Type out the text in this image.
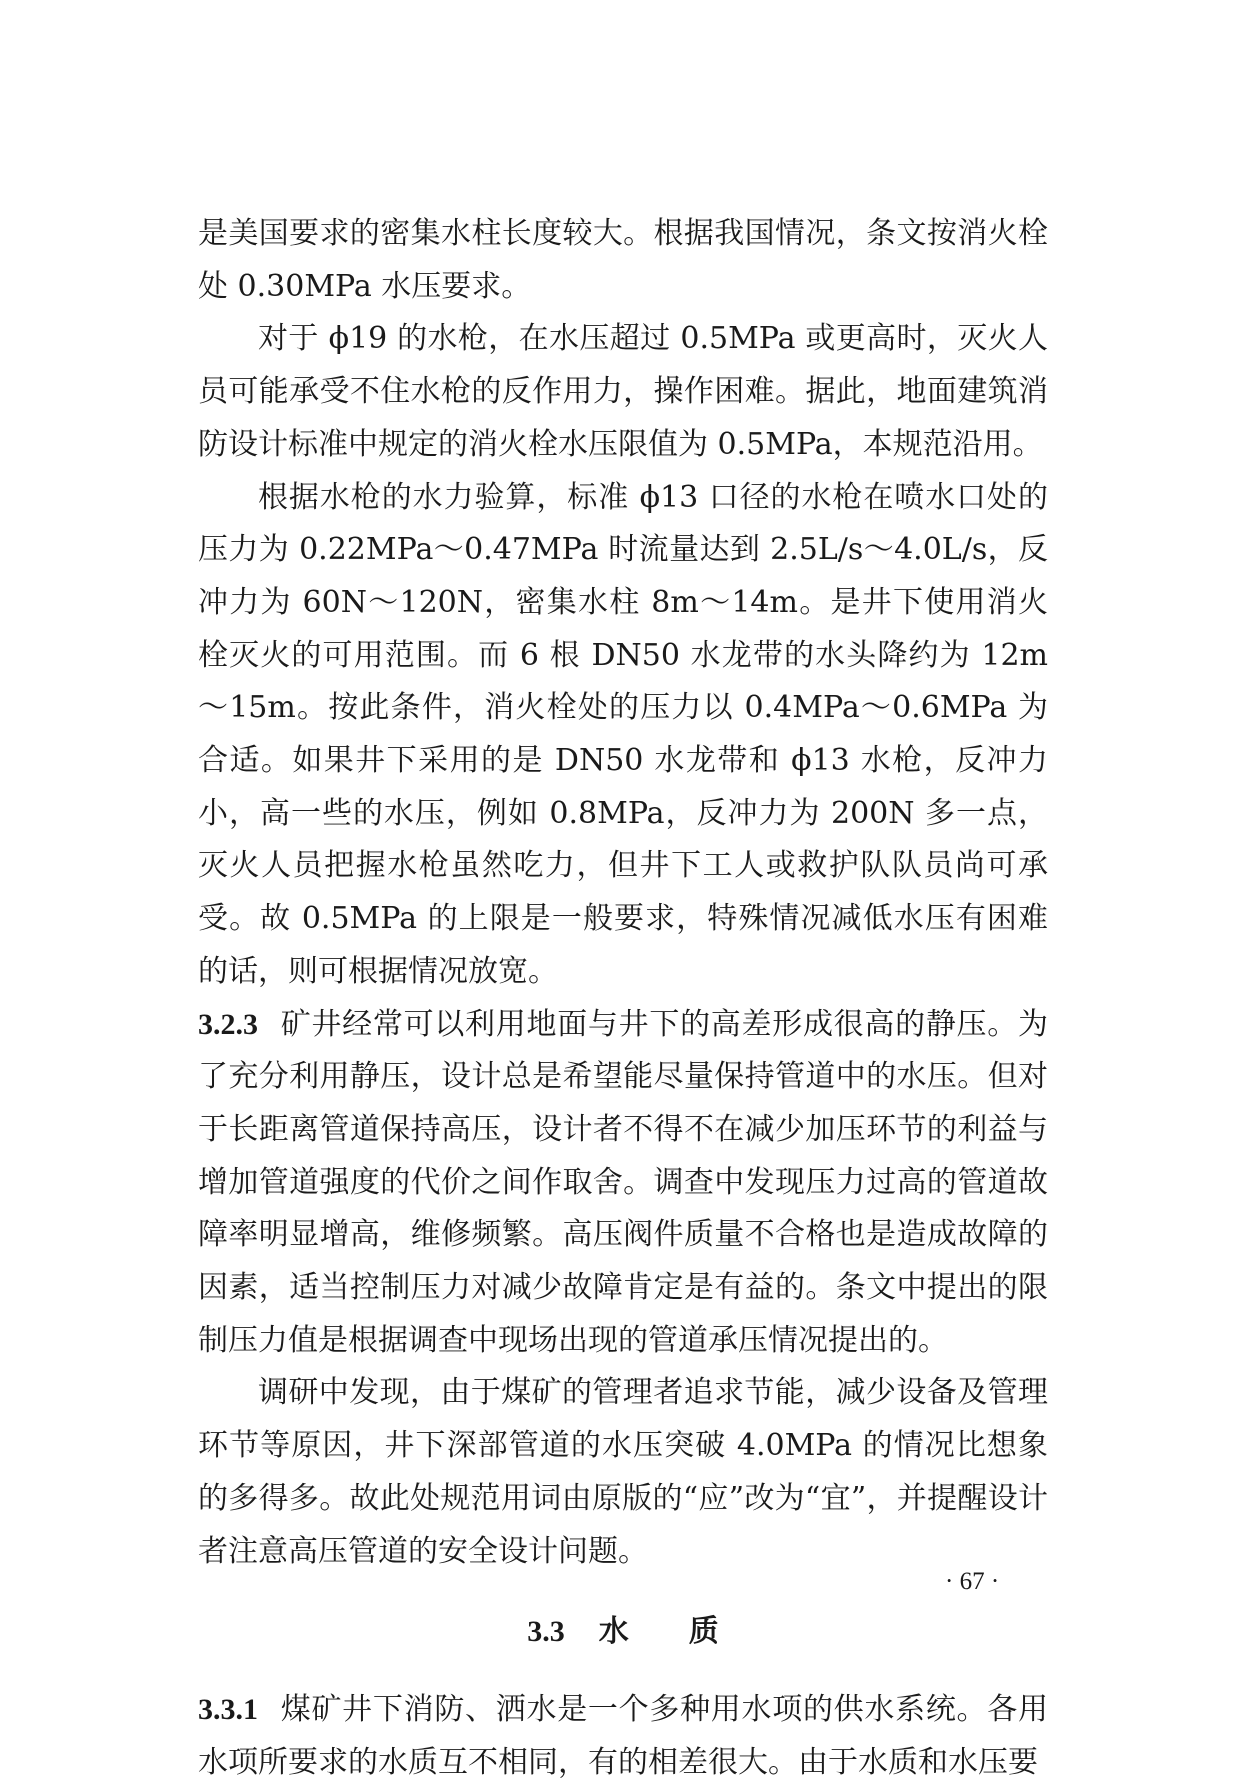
是美国要求的密集水柱长度较大。根据我国情况，条文按消火栓处 0.30MPa 水压要求。

对于 ϕ19 的水枪，在水压超过 0.5MPa 或更高时，灭火人员可能承受不住水枪的反作用力，操作困难。据此，地面建筑消防设计标准中规定的消火栓水压限值为 0.5MPa，本规范沿用。

根据水枪的水力验算，标准 ϕ13 口径的水枪在喷水口处的压力为 0.22MPa～0.47MPa 时流量达到 2.5L/s～4.0L/s，反冲力为 60N～120N，密集水柱 8m～14m。是井下使用消火栓灭火的可用范围。而 6 根 DN50 水龙带的水头降约为 12m～15m。按此条件，消火栓处的压力以 0.4MPa～0.6MPa 为合适。如果井下采用的是 DN50 水龙带和 ϕ13 水枪，反冲力小，高一些的水压，例如 0.8MPa，反冲力为 200N 多一点，灭火人员把握水枪虽然吃力，但井下工人或救护队队员尚可承受。故 0.5MPa 的上限是一般要求，特殊情况减低水压有困难的话，则可根据情况放宽。

3.2.3 矿井经常可以利用地面与井下的高差形成很高的静压。为了充分利用静压，设计总是希望能尽量保持管道中的水压。但对于长距离管道保持高压，设计者不得不在减少加压环节的利益与增加管道强度的代价之间作取舍。调查中发现压力过高的管道故障率明显增高，维修频繁。高压阀件质量不合格也是造成故障的因素，适当控制压力对减少故障肯定是有益的。条文中提出的限制压力值是根据调查中现场出现的管道承压情况提出的。

调研中发现，由于煤矿的管理者追求节能，减少设备及管理环节等原因，井下深部管道的水压突破 4.0MPa 的情况比想象的多得多。故此处规范用词由原版的“应”改为“宜”，并提醒设计者注意高压管道的安全设计问题。

3.3 水质

3.3.1 煤矿井下消防、洒水是一个多种用水项的供水系统。各用水项所要求的水质互不相同，有的相差很大。由于水质和水压要

· 67 ·
